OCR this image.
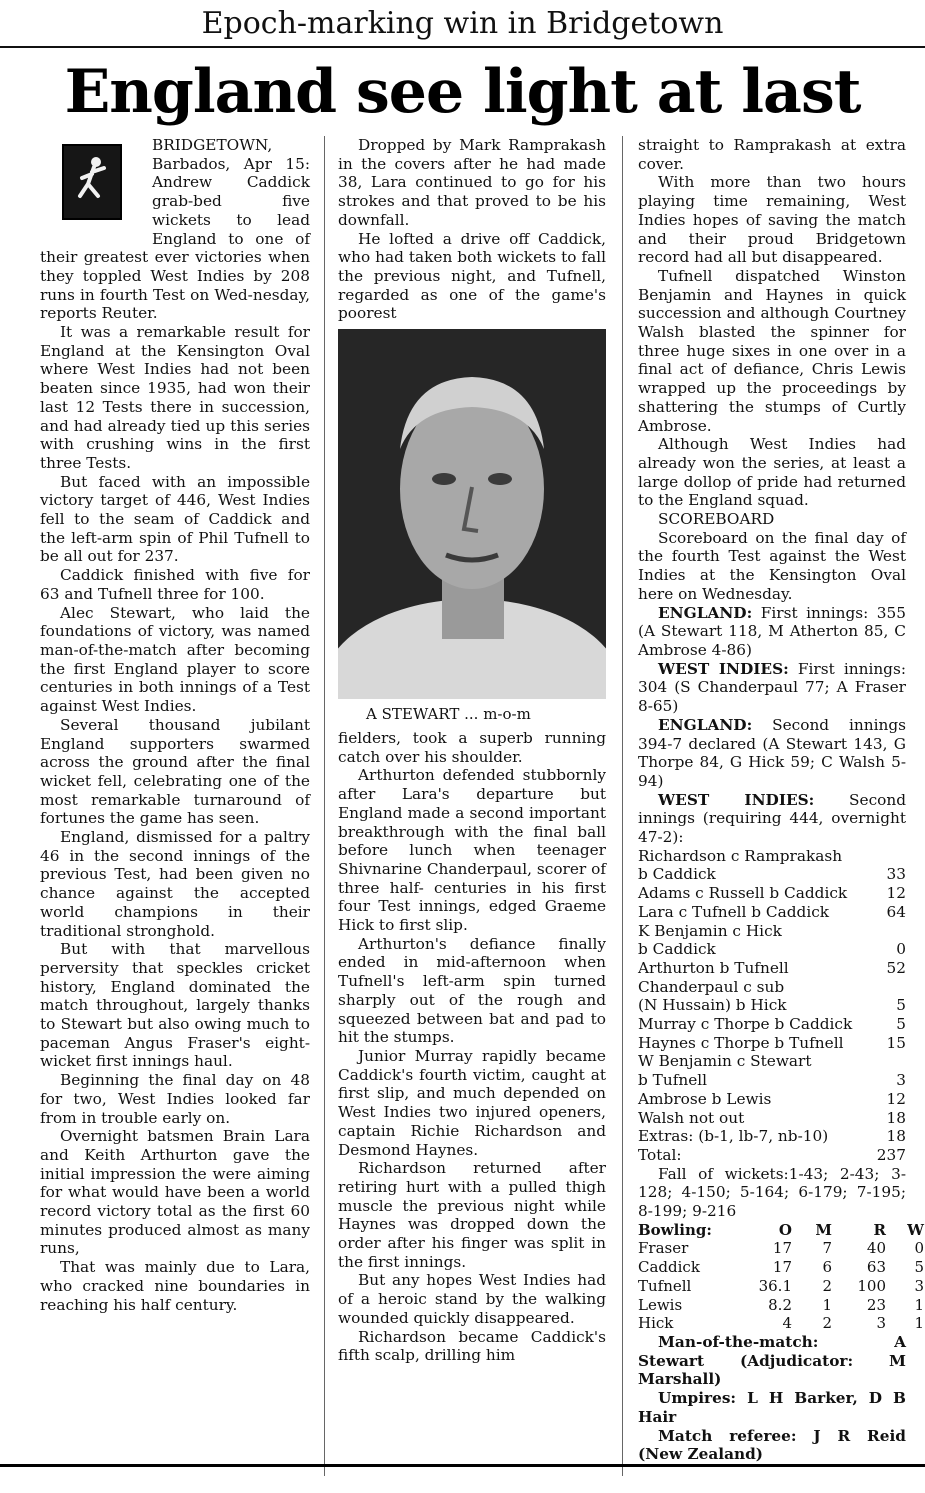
Epoch-marking win in Bridgetown
England see light at last

BRIDGETOWN, Barbados, Apr 15: Andrew Caddick grab-bed five wickets to lead England to one of their greatest ever victories when they toppled West Indies by 208 runs in fourth Test on Wed-nesday, reports Reuter.

It was a remarkable result for England at the Kensington Oval where West Indies had not been beaten since 1935, had won their last 12 Tests there in succession, and had already tied up this series with crushing wins in the first three Tests.

But faced with an impossible victory target of 446, West Indies fell to the seam of Caddick and the left-arm spin of Phil Tufnell to be all out for 237.

Caddick finished with five for 63 and Tufnell three for 100.

Alec Stewart, who laid the foundations of victory, was named man-of-the-match after becoming the first England player to score centuries in both innings of a Test against West Indies.

Several thousand jubilant England supporters swarmed across the ground after the final wicket fell, celebrating one of the most remarkable turnaround of fortunes the game has seen.

England, dismissed for a paltry 46 in the second innings of the previous Test, had been given no chance against the accepted world champions in their traditional stronghold.

But with that marvellous perversity that speckles cricket history, England dominated the match throughout, largely thanks to Stewart but also owing much to paceman Angus Fraser's eight- wicket first innings haul.

Beginning the final day on 48 for two, West Indies looked far from in trouble early on.

Overnight batsmen Brain Lara and Keith Arthurton gave the initial impression the were aiming for what would have been a world record victory total as the first 60 minutes produced almost as many runs,

That was mainly due to Lara, who cracked nine boundaries in reaching his half century.

Dropped by Mark Ramprakash in the covers after he had made 38, Lara continued to go for his strokes and that proved to be his downfall.

He lofted a drive off Caddick, who had taken both wickets to fall the previous night, and Tufnell, regarded as one of the game's poorest

A STEWART ... m-o-m

fielders, took a superb running catch over his shoulder.

Arthurton defended stubbornly after Lara's departure but England made a second important breakthrough with the final ball before lunch when teenager Shivnarine Chanderpaul, scorer of three half- centuries in his first four Test innings, edged Graeme Hick to first slip.

Arthurton's defiance finally ended in mid-afternoon when Tufnell's left-arm spin turned sharply out of the rough and squeezed between bat and pad to hit the stumps.

Junior Murray rapidly became Caddick's fourth victim, caught at first slip, and much depended on West Indies two injured openers, captain Richie Richardson and Desmond Haynes.

Richardson returned after retiring hurt with a pulled thigh muscle the previous night while Haynes was dropped down the order after his finger was split in the first innings.

But any hopes West Indies had of a heroic stand by the walking wounded quickly disappeared.

Richardson became Caddick's fifth scalp, drilling him

straight to Ramprakash at extra cover.

With more than two hours playing time remaining, West Indies hopes of saving the match and their proud Bridgetown record had all but disappeared.

Tufnell dispatched Winston Benjamin and Haynes in quick succession and although Courtney Walsh blasted the spinner for three huge sixes in one over in a final act of defiance, Chris Lewis wrapped up the proceedings by shattering the stumps of Curtly Ambrose.

Although West Indies had already won the series, at least a large dollop of pride had returned to the England squad.

SCOREBOARD

Scoreboard on the final day of the fourth Test against the West Indies at the Kensington Oval here on Wednesday.

ENGLAND: First innings: 355 (A Stewart 118, M Atherton 85, C Ambrose 4-86)

WEST INDIES: First innings: 304 (S Chanderpaul 77; A Fraser 8-65)

ENGLAND: Second innings 394-7 declared (A Stewart 143, G Thorpe 84, G Hick 59; C Walsh 5-94)

WEST INDIES: Second innings (requiring 444, overnight 47-2):

Richardson c Ramprakash
b Caddick	33
Adams c Russell b Caddick	12
Lara c Tufnell b Caddick	64
K Benjamin c Hick
b Caddick	0
Arthurton b Tufnell	52
Chanderpaul c sub
(N Hussain) b Hick	5
Murray c Thorpe b Caddick	5
Haynes c Thorpe b Tufnell	15
W Benjamin c Stewart
b Tufnell	3
Ambrose b Lewis	12
Walsh not out	18
Extras: (b-1, lb-7, nb-10)	18
Total:	237

Fall of wickets:1-43; 2-43; 3-128; 4-150; 5-164; 6-179; 7-195; 8-199; 9-216

Bowling:	O	M	R	W
Fraser	17	7	40	0
Caddick	17	6	63	5
Tufnell	36.1	2	100	3
Lewis	8.2	1	23	1
Hick	4	2	3	1

Man-of-the-match: A Stewart (Adjudicator: M Marshall)

Umpires: L H Barker, D B Hair

Match referee: J R Reid (New Zealand)
